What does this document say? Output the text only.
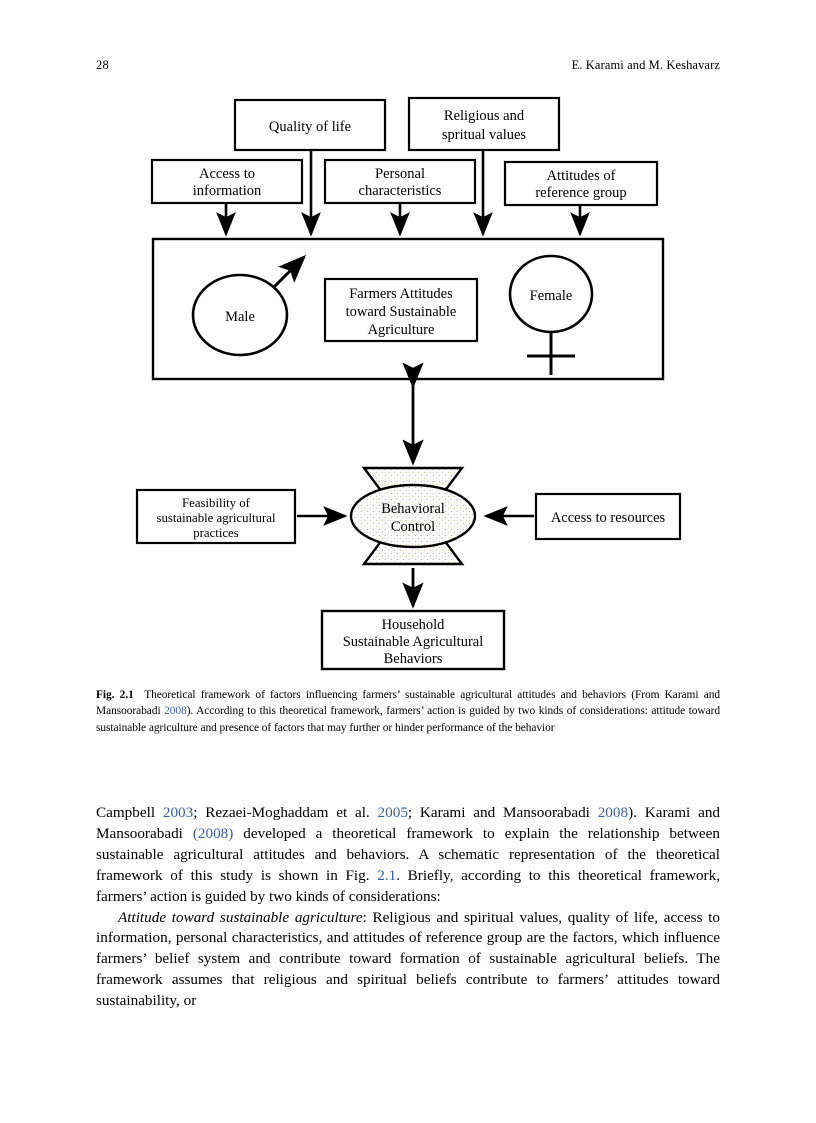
28	E. Karami and M. Keshavarz
Quality of life
Religious and
spritual values
Access to
information
Personal
characteristics
Attitudes of
reference group
Male
Farmers Attitudes
toward Sustainable
Agriculture
Female
Behavioral
Control
Feasibility of
sustainable agricultural
practices
Access to resources
Household
Sustainable Agricultural
Behaviors
Fig. 2.1 Theoretical framework of factors influencing farmers’ sustainable agricultural attitudes and behaviors (From Karami and Mansoorabadi 2008). According to this theoretical framework, farmers’ action is guided by two kinds of considerations: attitude toward sustainable agriculture and presence of factors that may further or hinder performance of the behavior

Campbell 2003; Rezaei-Moghaddam et al. 2005; Karami and Mansoorabadi 2008). Karami and Mansoorabadi (2008) developed a theoretical framework to explain the relationship between sustainable agricultural attitudes and behaviors. A schematic representation of the theoretical framework of this study is shown in Fig. 2.1. Briefly, according to this theoretical framework, farmers’ action is guided by two kinds of considerations:

Attitude toward sustainable agriculture: Religious and spiritual values, quality of life, access to information, personal characteristics, and attitudes of reference group are the factors, which influence farmers’ belief system and contribute toward formation of sustainable agricultural beliefs. The framework assumes that religious and spiritual beliefs contribute to farmers’ attitudes toward sustainability, or
